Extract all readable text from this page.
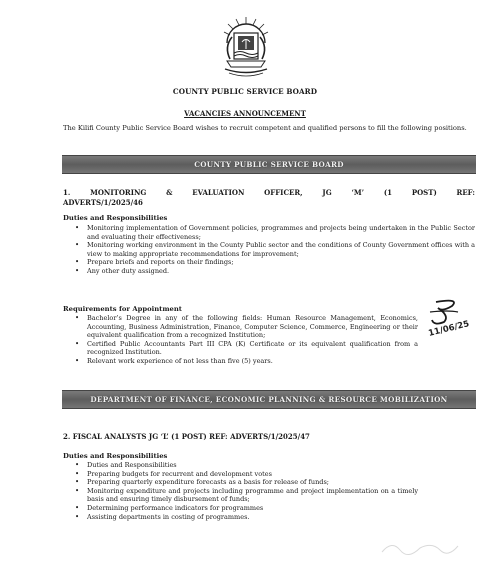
COUNTY PUBLIC SERVICE BOARD
VACANCIES ANNOUNCEMENT
The Kilifi County Public Service Board wishes to recruit competent and qualified persons to fill the following positions.
COUNTY PUBLIC SERVICE BOARD
1. MONITORING & EVALUATION OFFICER, JG ‘M’ (1 POST) REF:
ADVERTS/1/2025/46
Duties and Responsibilities
• Monitoring implementation of Government policies, programmes and projects being undertaken in the Public Sector and evaluating their effectiveness;
• Monitoring working environment in the County Public sector and the conditions of County Government offices with a view to making appropriate recommendations for improvement;
• Prepare briefs and reports on their findings;
• Any other duty assigned.
Requirements for Appointment
• Bachelor’s Degree in any of the following fields: Human Resource Management, Economics, Accounting, Business Administration, Finance, Computer Science, Commerce, Engineering or their equivalent qualification from a recognized Institution;
• Certified Public Accountants Part III CPA (K) Certificate or its equivalent qualification from a recognized Institution.
• Relevant work experience of not less than five (5) years.
11/06/25
DEPARTMENT OF FINANCE, ECONOMIC PLANNING & RESOURCE MOBILIZATION
2. FISCAL ANALYSTS JG ‘L’ (1 POST) REF: ADVERTS/1/2025/47
Duties and Responsibilities
• Duties and Responsibilities
• Preparing budgets for recurrent and development votes
• Preparing quarterly expenditure forecasts as a basis for release of funds;
• Monitoring expenditure and projects including programme and project implementation on a timely basis and ensuring timely disbursement of funds;
• Determining performance indicators for programmes
• Assisting departments in costing of programmes.
